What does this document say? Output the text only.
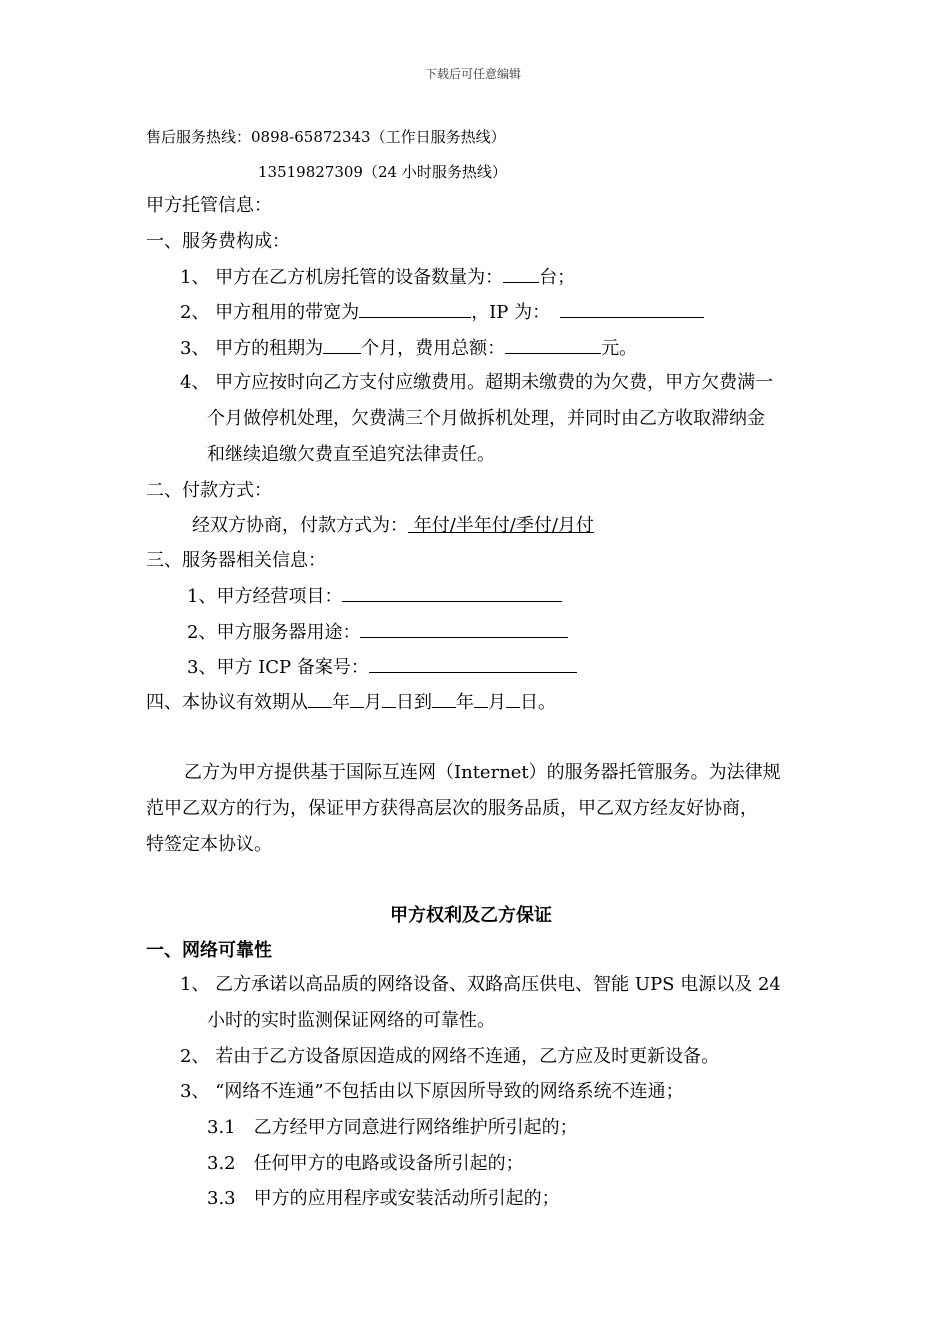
下载后可任意编辑
售后服务热线：0898-65872343（工作日服务热线）
13519827309（24 小时服务热线）
甲方托管信息：
一、服务费构成：
1、 甲方在乙方机房托管的设备数量为： 台；
2、 甲方租用的带宽为	，IP 为：
3、 甲方的租期为 个月，费用总额：	元。
4、 甲方应按时向乙方支付应缴费用。超期未缴费的为欠费，甲方欠费满一
个月做停机处理，欠费满三个月做拆机处理，并同时由乙方收取滞纳金
和继续追缴欠费直至追究法律责任。
二、付款方式：
经双方协商，付款方式为： 年付/半年付/季付/月付
三、服务器相关信息：
1、甲方经营项目：
2、甲方服务器用途：
3、甲方 ICP 备案号：
四、本协议有效期从 年 月 日到 年 月 日。
乙方为甲方提供基于国际互连网（Internet）的服务器托管服务。为法律规
范甲乙双方的行为，保证甲方获得高层次的服务品质，甲乙双方经友好协商，
特签定本协议。
甲方权利及乙方保证
一、网络可靠性
1、 乙方承诺以高品质的网络设备、双路高压供电、智能 UPS 电源以及 24
小时的实时监测保证网络的可靠性。
2、 若由于乙方设备原因造成的网络不连通，乙方应及时更新设备。
3、 “网络不连通”不包括由以下原因所导致的网络系统不连通；
3.1　乙方经甲方同意进行网络维护所引起的；
3.2　任何甲方的电路或设备所引起的；
3.3　甲方的应用程序或安装活动所引起的；
